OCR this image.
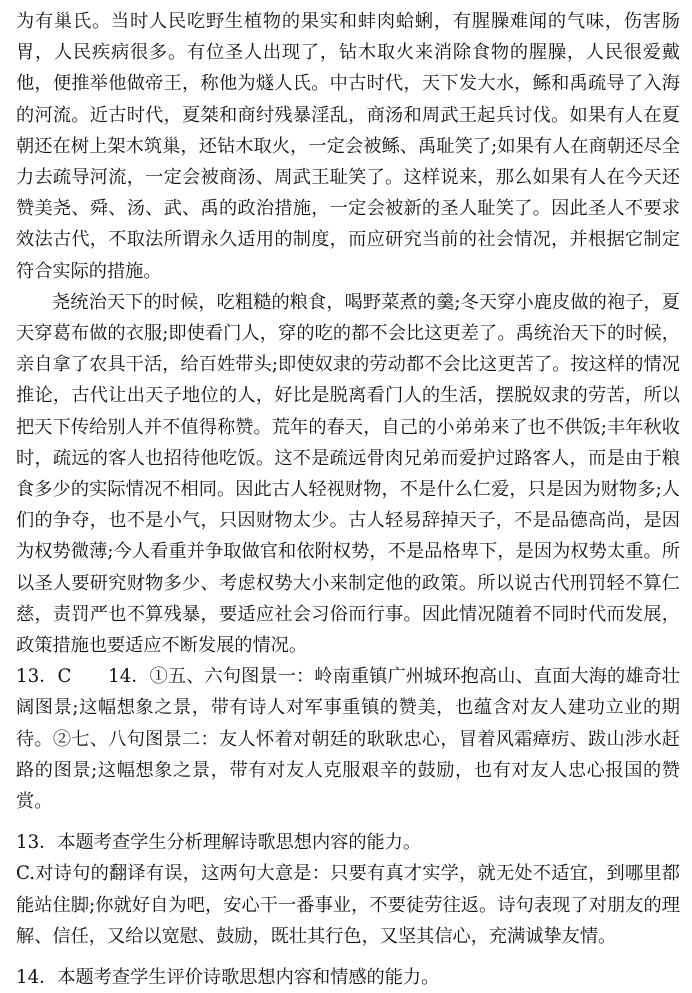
为有巢氏。当时人民吃野生植物的果实和蚌肉蛤蜊，有腥臊难闻的气味，伤害肠胃，人民疾病很多。有位圣人出现了，钻木取火来消除食物的腥臊，人民很爱戴他，便推举他做帝王，称他为燧人氏。中古时代，天下发大水，鲧和禹疏导了入海的河流。近古时代，夏桀和商纣残暴淫乱，商汤和周武王起兵讨伐。如果有人在夏朝还在树上架木筑巢，还钻木取火，一定会被鲧、禹耻笑了;如果有人在商朝还尽全力去疏导河流，一定会被商汤、周武王耻笑了。这样说来，那么如果有人在今天还赞美尧、舜、汤、武、禹的政治措施，一定会被新的圣人耻笑了。因此圣人不要求效法古代，不取法所谓永久适用的制度，而应研究当前的社会情况，并根据它制定符合实际的措施。

尧统治天下的时候，吃粗糙的粮食，喝野菜煮的羹;冬天穿小鹿皮做的袍子，夏天穿葛布做的衣服;即使看门人，穿的吃的都不会比这更差了。禹统治天下的时候，亲自拿了农具干活，给百姓带头;即使奴隶的劳动都不会比这更苦了。按这样的情况推论，古代让出天子地位的人，好比是脱离看门人的生活，摆脱奴隶的劳苦，所以把天下传给别人并不值得称赞。荒年的春天，自己的小弟弟来了也不供饭;丰年秋收时，疏远的客人也招待他吃饭。这不是疏远骨肉兄弟而爱护过路客人，而是由于粮食多少的实际情况不相同。因此古人轻视财物，不是什么仁爱，只是因为财物多;人们的争夺，也不是小气，只因财物太少。古人轻易辞掉天子，不是品德高尚，是因为权势微薄;今人看重并争取做官和依附权势，不是品格卑下，是因为权势太重。所以圣人要研究财物多少、考虑权势大小来制定他的政策。所以说古代刑罚轻不算仁慈，责罚严也不算残暴，要适应社会习俗而行事。因此情况随着不同时代而发展，政策措施也要适应不断发展的情况。

13．C　　14．①五、六句图景一：岭南重镇广州城环抱高山、直面大海的雄奇壮阔图景;这幅想象之景，带有诗人对军事重镇的赞美，也蕴含对友人建功立业的期待。②七、八句图景二：友人怀着对朝廷的耿耿忠心，冒着风霜瘴疠、跋山涉水赶路的图景;这幅想象之景，带有对友人克服艰辛的鼓励，也有对友人忠心报国的赞赏。

13．本题考查学生分析理解诗歌思想内容的能力。

C.对诗句的翻译有误，这两句大意是：只要有真才实学，就无处不适宜，到哪里都能站住脚;你就好自为吧，安心干一番事业，不要徒劳往返。诗句表现了对朋友的理解、信任，又给以宽慰、鼓励，既壮其行色，又坚其信心，充满诚挚友情。

14．本题考查学生评价诗歌思想内容和情感的能力。
